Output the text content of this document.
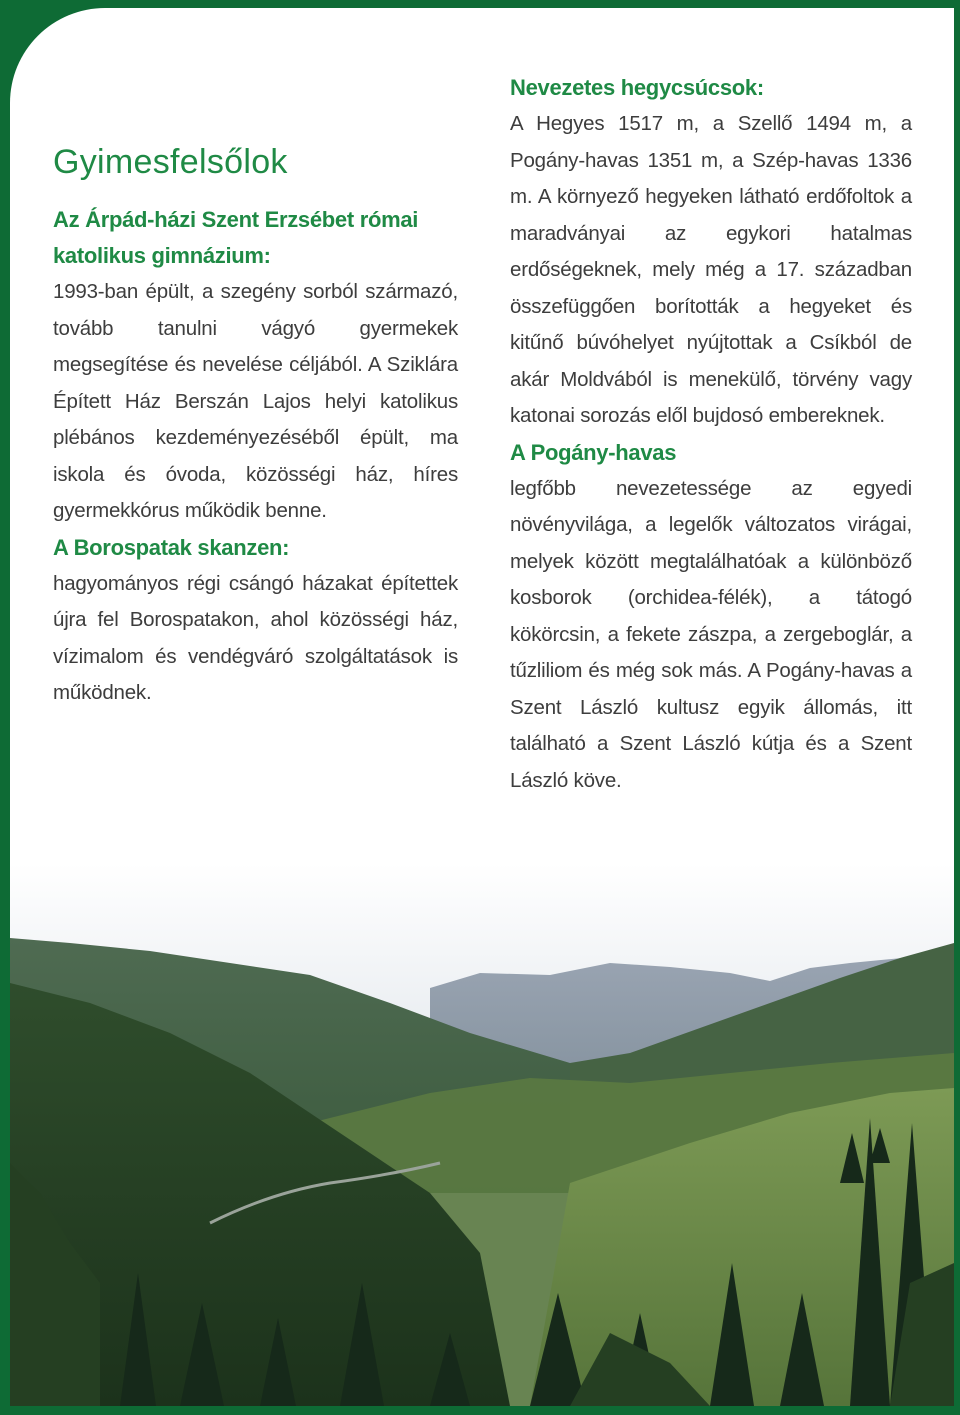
Gyimesfelsőlok

Az Árpád-házi Szent Erzsébet római katolikus gimnázium:

1993-ban épült, a szegény sorból származó, tovább tanulni vágyó gyermekek megsegítése és nevelése céljából. A Sziklára Épített Ház Berszán Lajos helyi katolikus plébános kezdeményezéséből épült, ma iskola és óvoda, közösségi ház, híres gyermekkórus működik benne.

A Borospatak skanzen:

hagyományos régi csángó házakat építettek újra fel Borospatakon, ahol közösségi ház, vízimalom és vendégváró szolgáltatások is működnek.

Nevezetes hegycsúcsok:

A Hegyes 1517 m, a Szellő 1494 m, a Pogány-havas 1351 m, a Szép-havas 1336 m. A környező hegyeken látható erdőfoltok a maradványai az egykori hatalmas erdőségeknek, mely még a 17. században összefüggően borították a hegyeket és kitűnő búvóhelyet nyújtottak a Csíkból de akár Moldvából is menekülő, törvény vagy katonai sorozás elől bujdosó embereknek.

A Pogány-havas

legfőbb nevezetessége az egyedi növényvilága, a legelők változatos virágai, melyek között megtalálhatóak a különböző kosborok (orchidea-félék), a tátogó kökörcsin, a fekete zászpa, a zergeboglár, a tűzliliom és még sok más. A Pogány-havas a Szent László kultusz egyik állomás, itt található a Szent László kútja és a Szent László köve.
